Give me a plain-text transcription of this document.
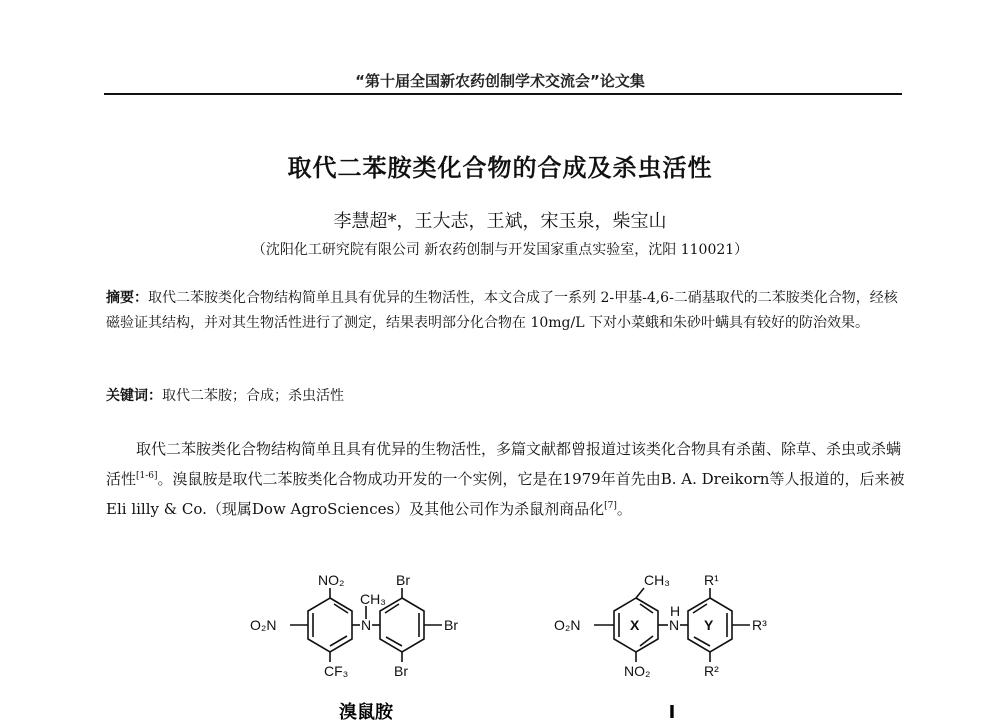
“第十届全国新农药创制学术交流会”论文集
取代二苯胺类化合物的合成及杀虫活性
李慧超*，王大志，王斌，宋玉泉，柴宝山
（沈阳化工研究院有限公司 新农药创制与开发国家重点实验室，沈阳 110021）
摘要：取代二苯胺类化合物结构简单且具有优异的生物活性，本文合成了一系列 2-甲基-4,6-二硝基取代的二苯胺类化合物，经核磁验证其结构，并对其生物活性进行了测定，结果表明部分化合物在 10mg/L 下对小菜蛾和朱砂叶螨具有较好的防治效果。
关键词：取代二苯胺；合成；杀虫活性
取代二苯胺类化合物结构简单且具有优异的生物活性，多篇文献都曾报道过该类化合物具有杀菌、除草、杀虫或杀螨活性[1-6]。溴鼠胺是取代二苯胺类化合物成功开发的一个实例，它是在1979年首先由B. A. Dreikorn等人报道的，后来被Eli lilly & Co.（现属Dow AgroSciences）及其他公司作为杀鼠剂商品化[7]。
NO₂	Br
CH₃
O₂N	N	Br
CF₃	Br
溴鼠胺
CH₃ R¹
O₂N	X
H
N Y	R³
NO₂	R²
I
